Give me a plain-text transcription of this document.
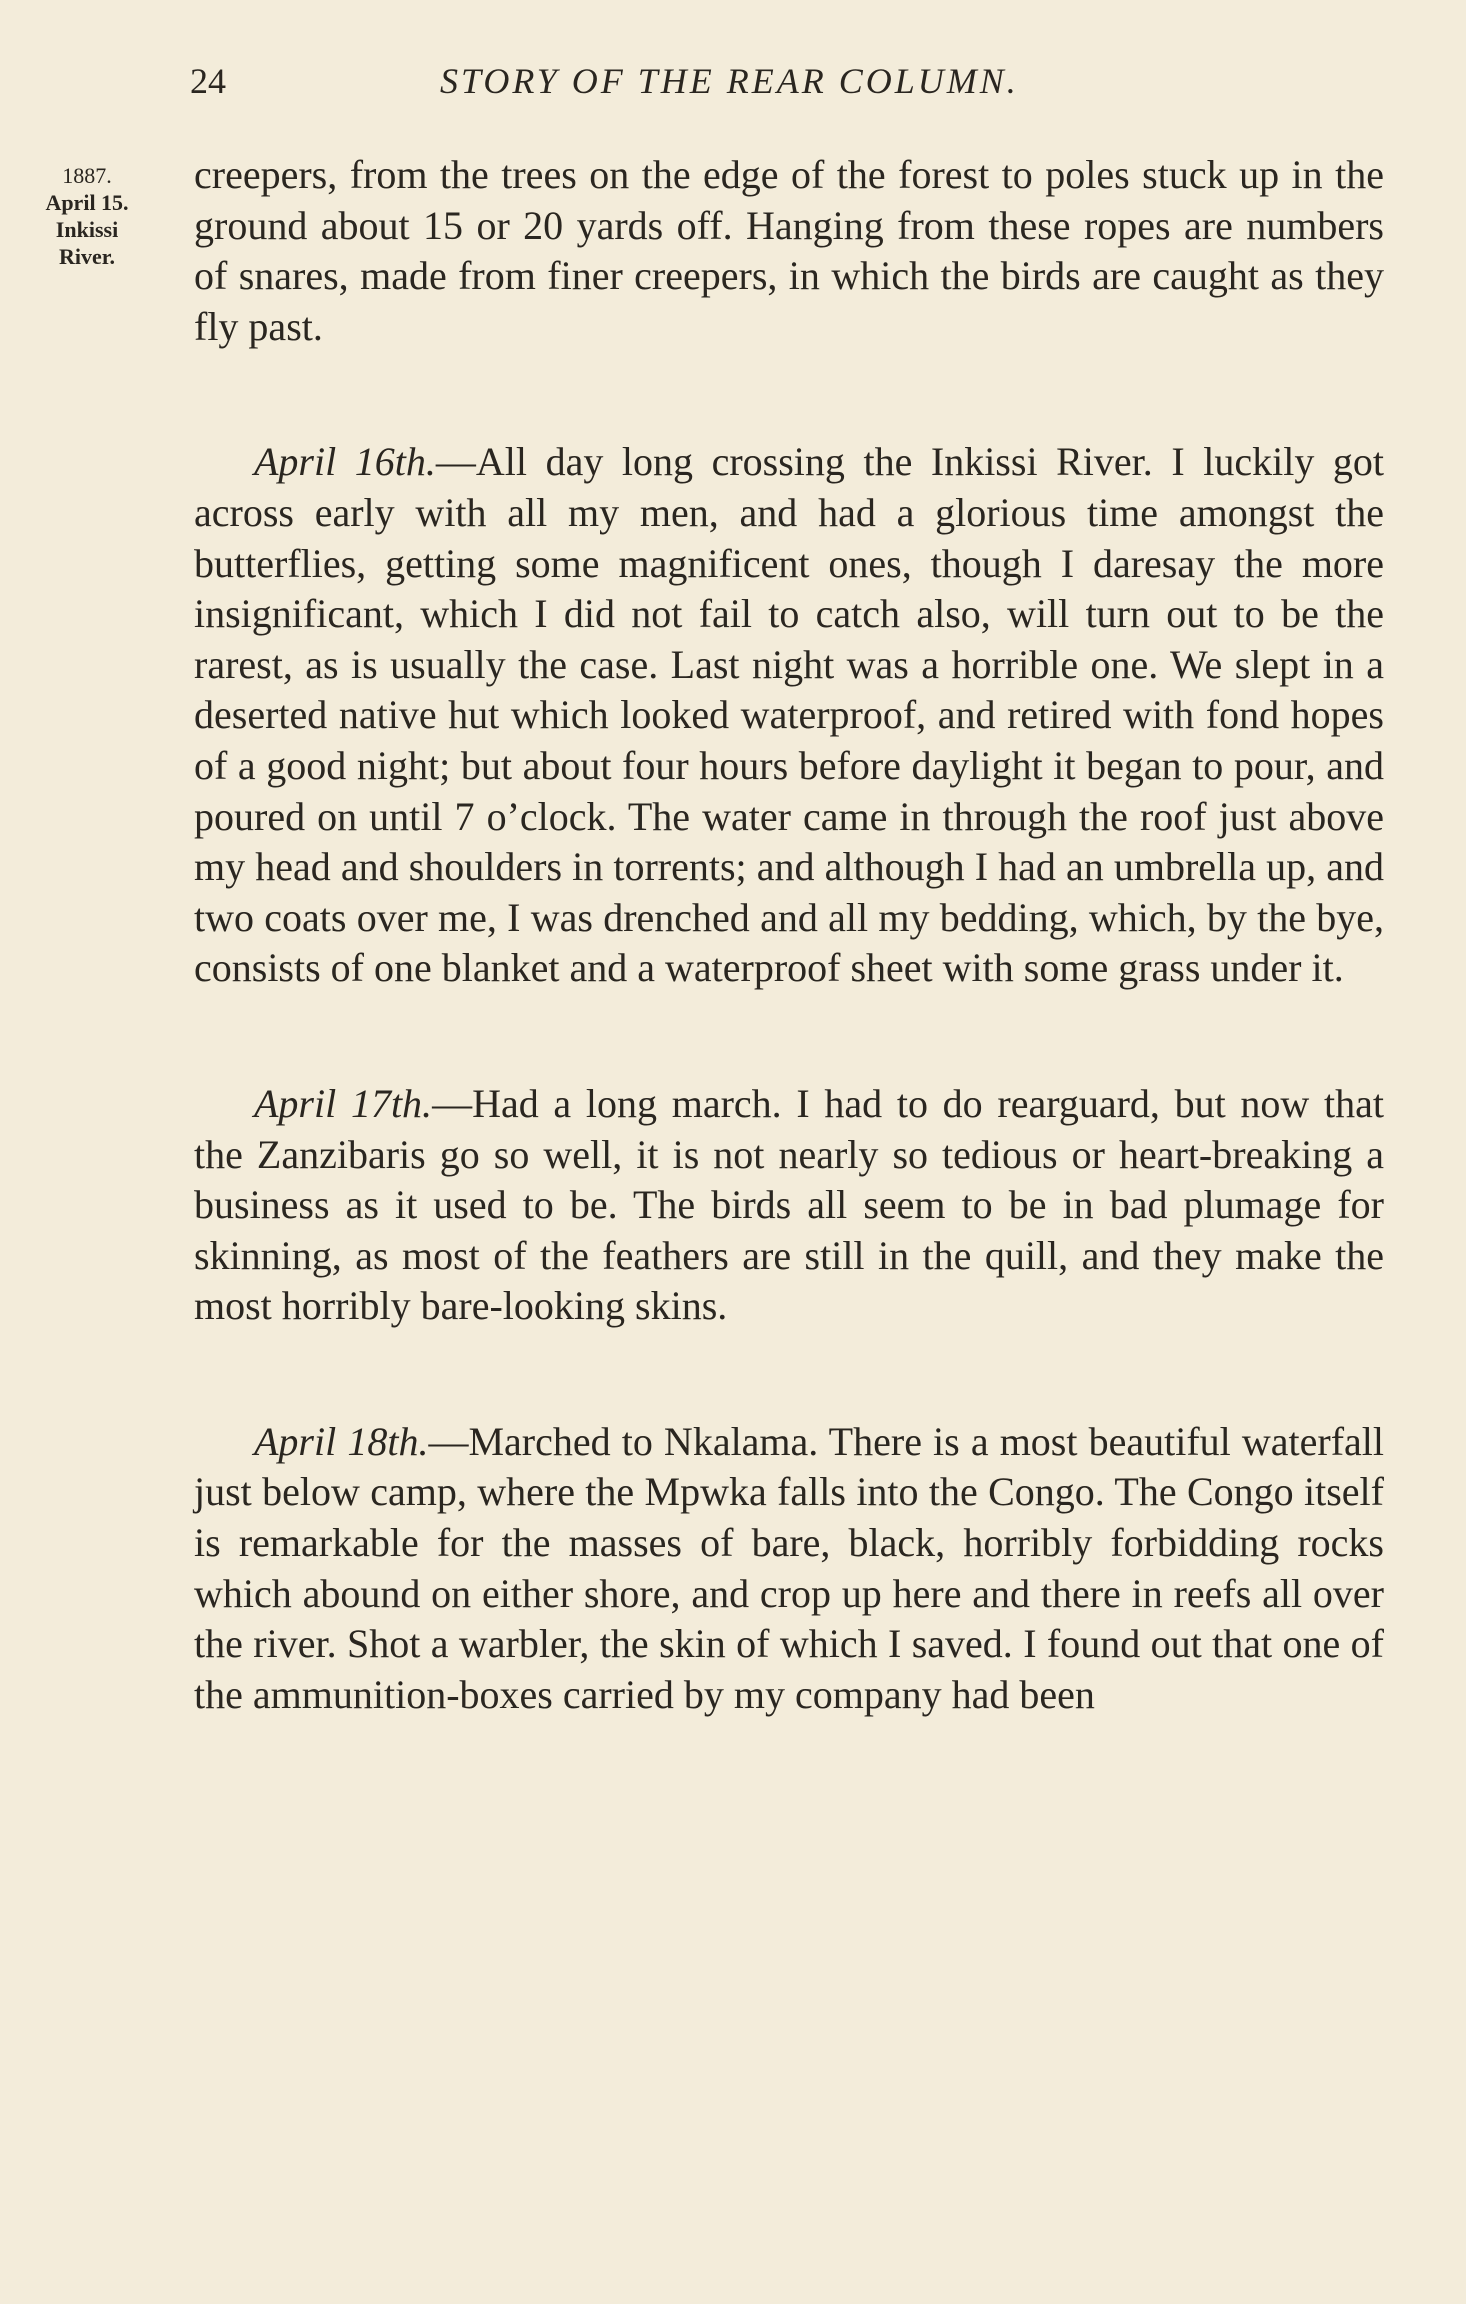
24	STORY OF THE REAR COLUMN.
1887.
April 15.
Inkissi
River.

creepers, from the trees on the edge of the forest to poles stuck up in the ground about 15 or 20 yards off. Hanging from these ropes are numbers of snares, made from finer creepers, in which the birds are caught as they fly past.

April 16th.—All day long crossing the Inkissi River. I luckily got across early with all my men, and had a glorious time amongst the butterflies, getting some magnificent ones, though I daresay the more insignificant, which I did not fail to catch also, will turn out to be the rarest, as is usually the case. Last night was a horrible one. We slept in a deserted native hut which looked waterproof, and retired with fond hopes of a good night; but about four hours before daylight it began to pour, and poured on until 7 o’clock. The water came in through the roof just above my head and shoulders in torrents; and although I had an umbrella up, and two coats over me, I was drenched and all my bedding, which, by the bye, consists of one blanket and a waterproof sheet with some grass under it.

April 17th.—Had a long march. I had to do rearguard, but now that the Zanzibaris go so well, it is not nearly so tedious or heart-breaking a business as it used to be. The birds all seem to be in bad plumage for skinning, as most of the feathers are still in the quill, and they make the most horribly bare-looking skins.

April 18th.—Marched to Nkalama. There is a most beautiful waterfall just below camp, where the Mpwka falls into the Congo. The Congo itself is remarkable for the masses of bare, black, horribly forbidding rocks which abound on either shore, and crop up here and there in reefs all over the river. Shot a warbler, the skin of which I saved. I found out that one of the ammunition-boxes carried by my company had been
